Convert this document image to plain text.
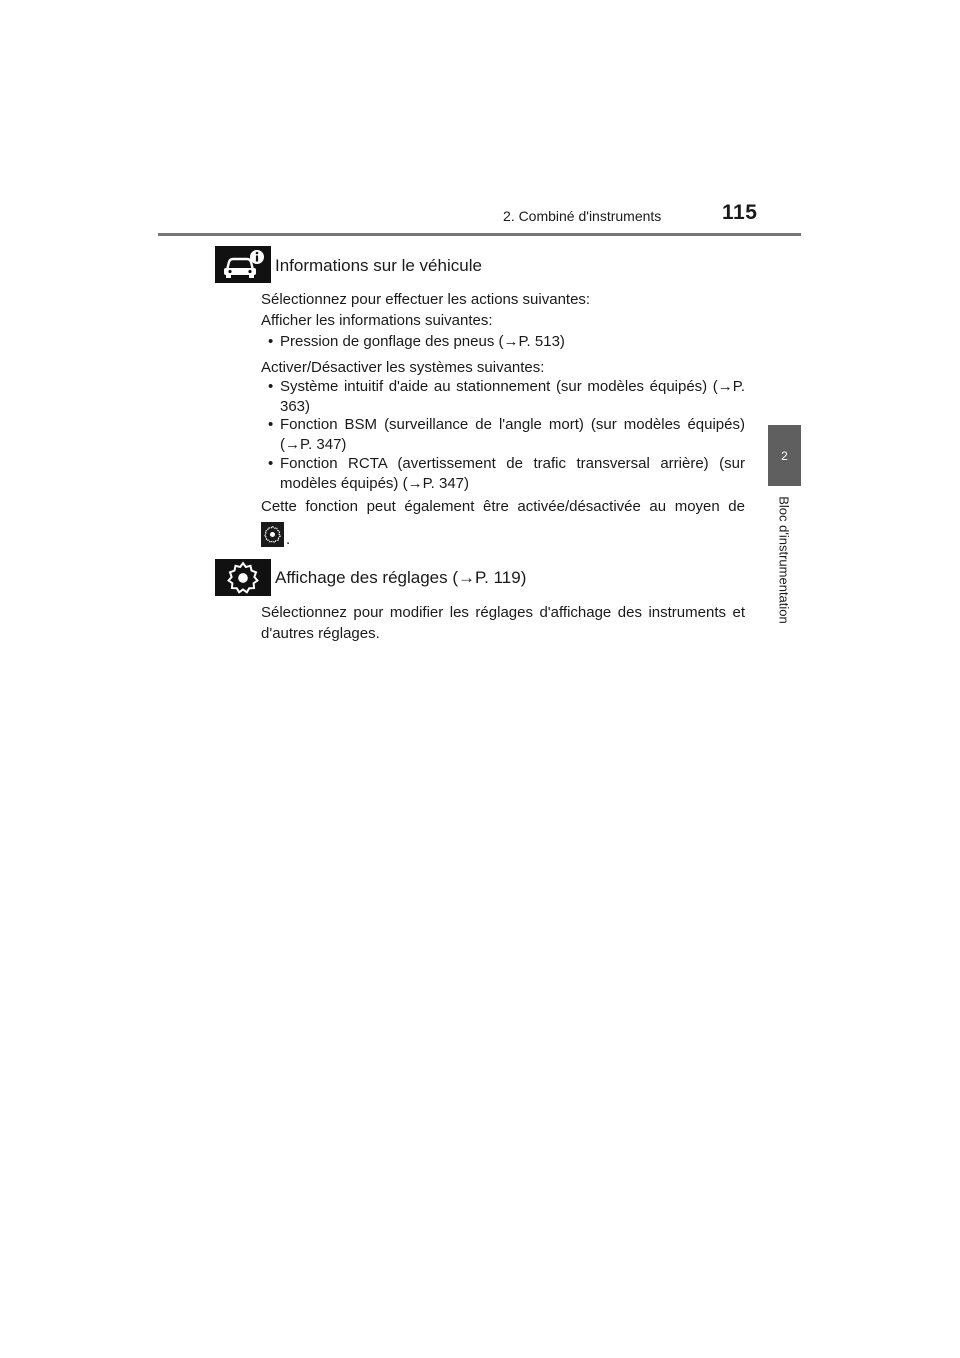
2. Combiné d'instruments	115
2
Bloc d'instrumentation
Informations sur le véhicule
Sélectionnez pour effectuer les actions suivantes:
Afficher les informations suivantes:
• Pression de gonflage des pneus (→P. 513)
Activer/Désactiver les systèmes suivantes:
• Système intuitif d'aide au stationnement (sur modèles équipés) (→P. 363)
• Fonction BSM (surveillance de l'angle mort) (sur modèles équipés) (→P. 347)
• Fonction RCTA (avertissement de trafic transversal arrière) (sur modèles équipés) (→P. 347)
Cette fonction peut également être activée/désactivée au moyen de
.
Affichage des réglages (→P. 119)
Sélectionnez pour modifier les réglages d'affichage des instruments et d'autres réglages.
